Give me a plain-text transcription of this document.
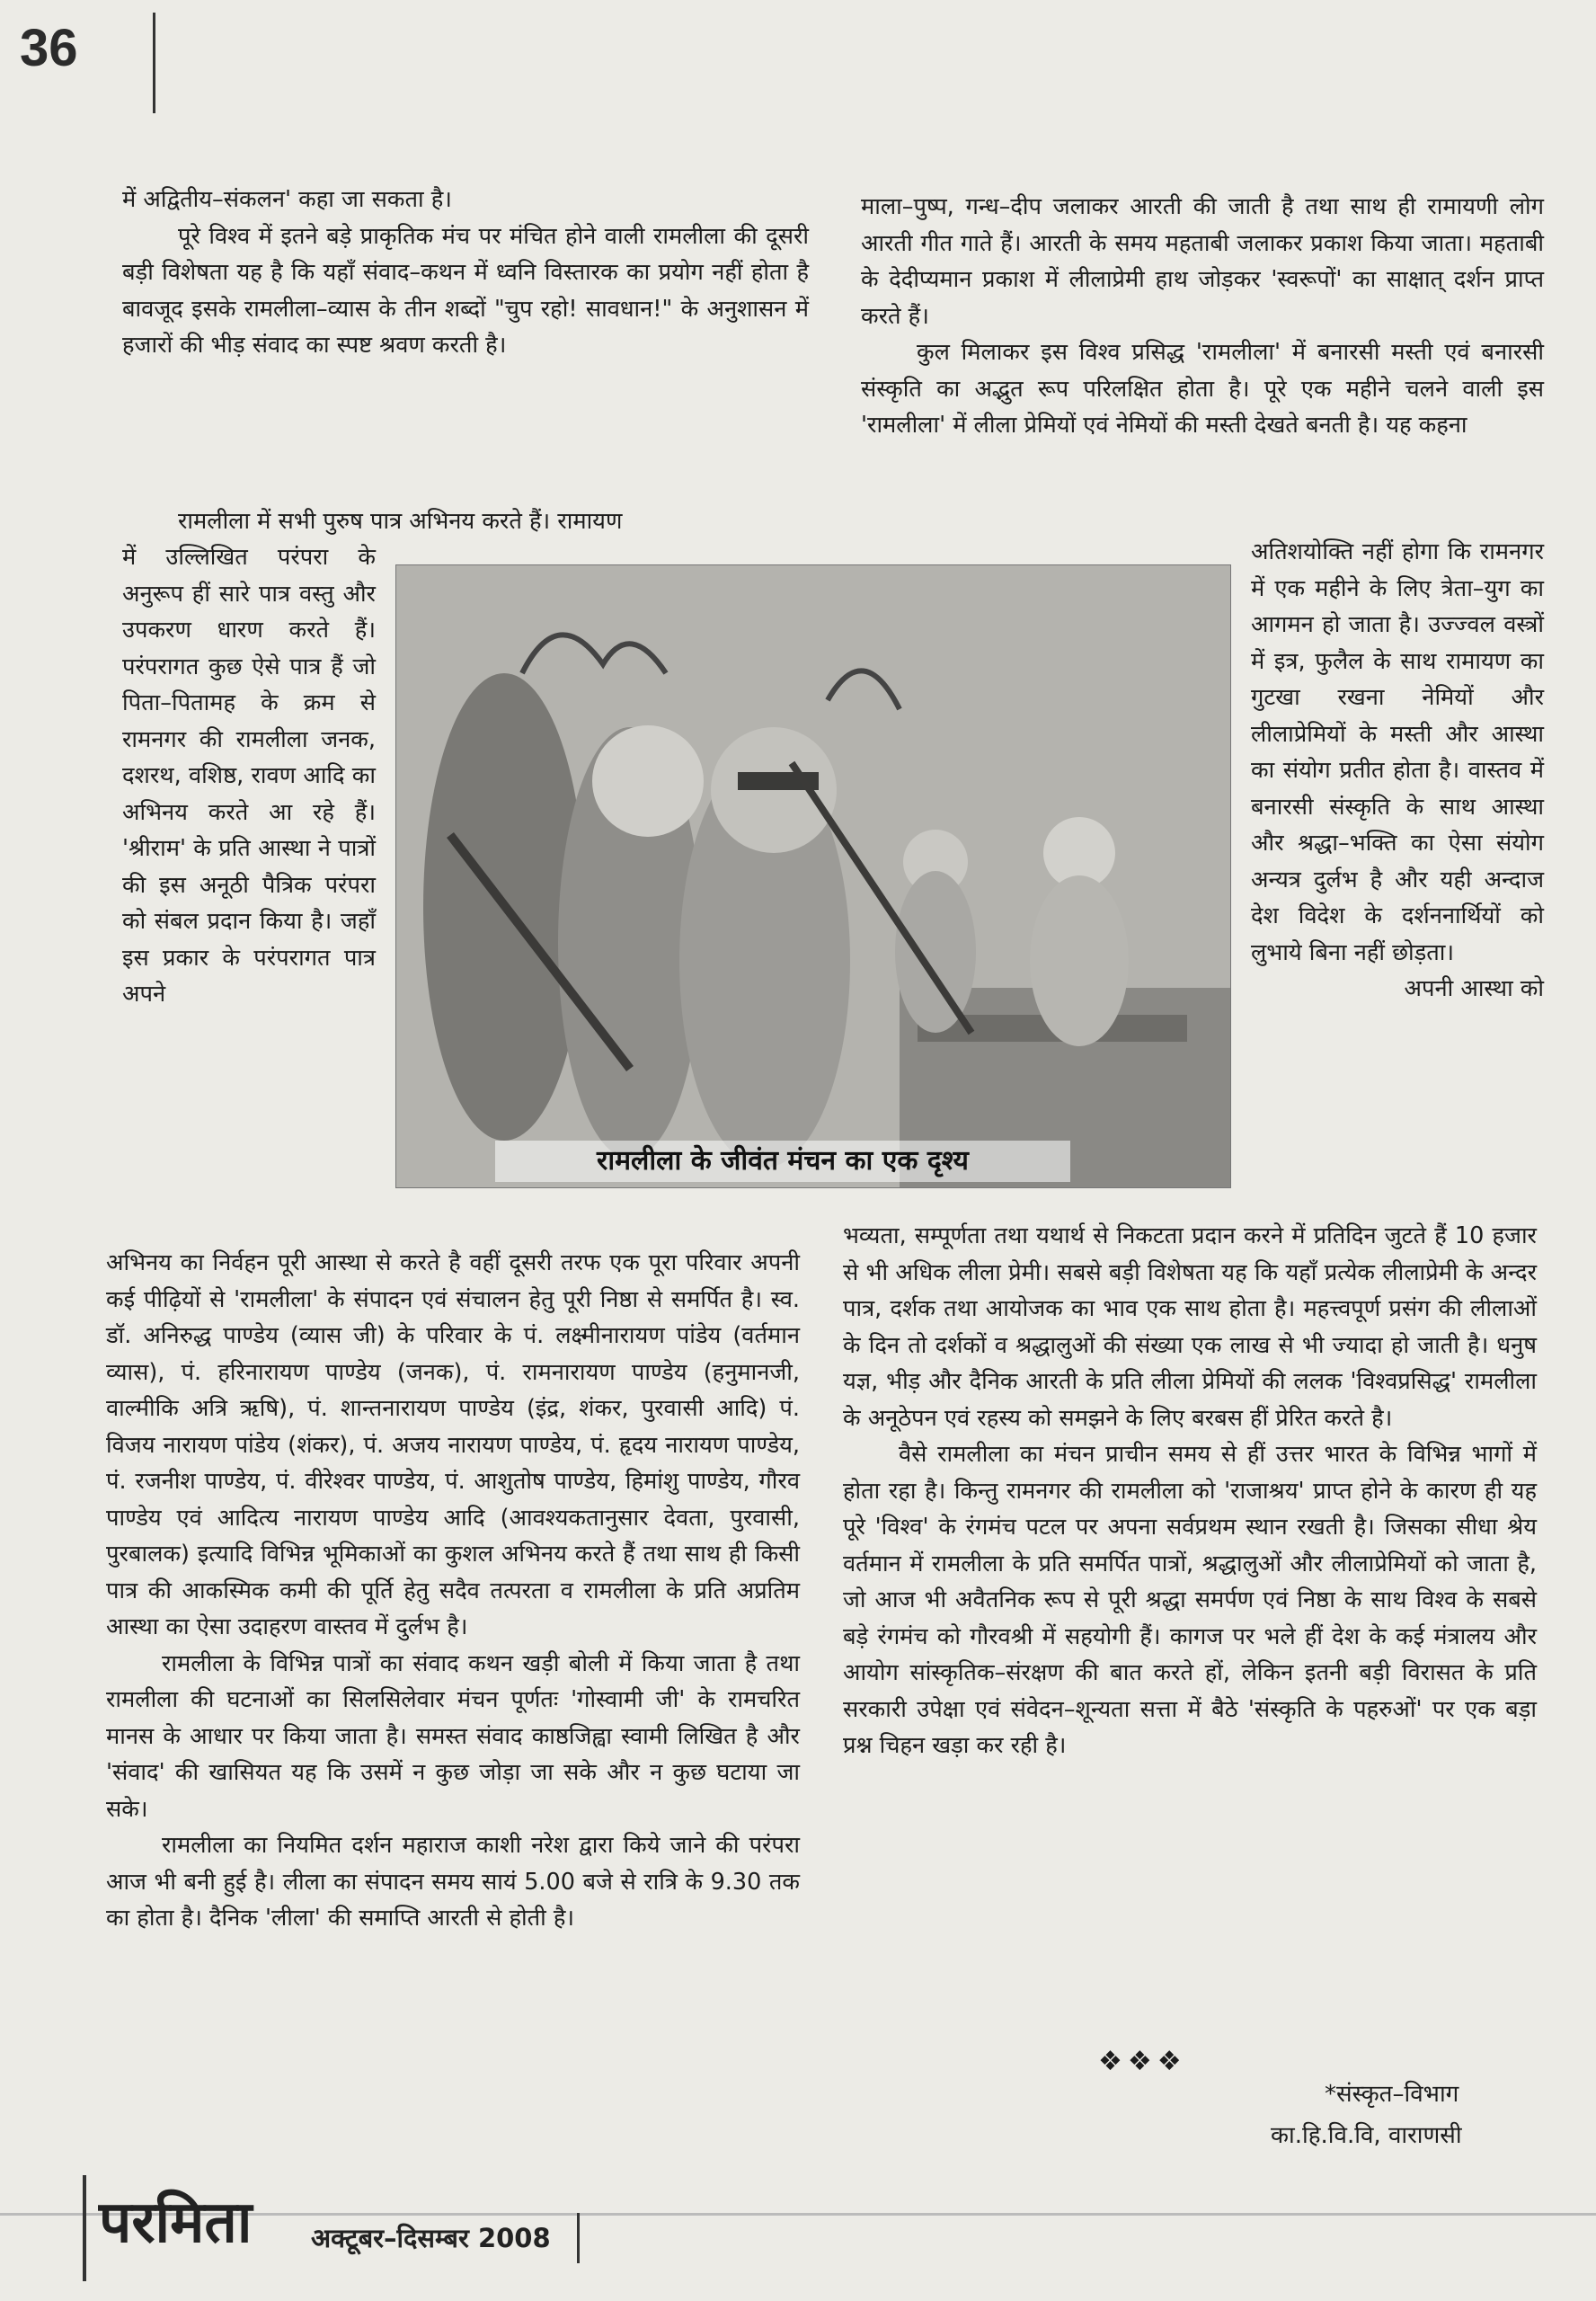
36

में अद्वितीय–संकलन' कहा जा सकता है।

पूरे विश्व में इतने बड़े प्राकृतिक मंच पर मंचित होने वाली रामलीला की दूसरी बड़ी विशेषता यह है कि यहाँ संवाद–कथन में ध्वनि विस्तारक का प्रयोग नहीं होता है बावजूद इसके रामलीला–व्यास के तीन शब्दों "चुप रहो! सावधान!" के अनुशासन में हजारों की भीड़ संवाद का स्पष्ट श्रवण करती है।

रामलीला में सभी पुरुष पात्र अभिनय करते हैं। रामायण

में उल्लिखित परंपरा के अनुरूप हीं सारे पात्र वस्तु और उपकरण धारण करते हैं। परंपरागत कुछ ऐसे पात्र हैं जो पिता–पितामह के क्रम से रामनगर की रामलीला जनक, दशरथ, वशिष्ठ, रावण आदि का अभिनय करते आ रहे हैं। 'श्रीराम' के प्रति आस्था ने पात्रों की इस अनूठी पैत्रिक परंपरा को संबल प्रदान किया है। जहाँ इस प्रकार के परंपरागत पात्र अपने

अभिनय का निर्वहन पूरी आस्था से करते है वहीं दूसरी तरफ एक पूरा परिवार अपनी कई पीढ़ियों से 'रामलीला' के संपादन एवं संचालन हेतु पूरी निष्ठा से समर्पित है। स्व. डॉ. अनिरुद्ध पाण्डेय (व्यास जी) के परिवार के पं. लक्ष्मीनारायण पांडेय (वर्तमान व्यास), पं. हरिनारायण पाण्डेय (जनक), पं. रामनारायण पाण्डेय (हनुमानजी, वाल्मीकि अत्रि ऋषि), पं. शान्तनारायण पाण्डेय (इंद्र, शंकर, पुरवासी आदि) पं. विजय नारायण पांडेय (शंकर), पं. अजय नारायण पाण्डेय, पं. हृदय नारायण पाण्डेय, पं. रजनीश पाण्डेय, पं. वीरेश्वर पाण्डेय, पं. आशुतोष पाण्डेय, हिमांशु पाण्डेय, गौरव पाण्डेय एवं आदित्य नारायण पाण्डेय आदि (आवश्यकतानुसार देवता, पुरवासी, पुरबालक) इत्यादि विभिन्न भूमिकाओं का कुशल अभिनय करते हैं तथा साथ ही किसी पात्र की आकस्मिक कमी की पूर्ति हेतु सदैव तत्परता व रामलीला के प्रति अप्रतिम आस्था का ऐसा उदाहरण वास्तव में दुर्लभ है।

रामलीला के विभिन्न पात्रों का संवाद कथन खड़ी बोली में किया जाता है तथा रामलीला की घटनाओं का सिलसिलेवार मंचन पूर्णतः 'गोस्वामी जी' के रामचरित मानस के आधार पर किया जाता है। समस्त संवाद काष्ठजिह्वा स्वामी लिखित है और 'संवाद' की खासियत यह कि उसमें न कुछ जोड़ा जा सके और न कुछ घटाया जा सके।

रामलीला का नियमित दर्शन महाराज काशी नरेश द्वारा किये जाने की परंपरा आज भी बनी हुई है। लीला का संपादन समय सायं 5.00 बजे से रात्रि के 9.30 तक का होता है। दैनिक 'लीला' की समाप्ति आरती से होती है।

रामलीला के जीवंत मंचन का एक दृश्य

माला–पुष्प, गन्ध–दीप जलाकर आरती की जाती है तथा साथ ही रामायणी लोग आरती गीत गाते हैं। आरती के समय महताबी जलाकर प्रकाश किया जाता। महताबी के देदीप्यमान प्रकाश में लीलाप्रेमी हाथ जोड़कर 'स्वरूपों' का साक्षात् दर्शन प्राप्त करते हैं।

कुल मिलाकर इस विश्व प्रसिद्ध 'रामलीला' में बनारसी मस्ती एवं बनारसी संस्कृति का अद्भुत रूप परिलक्षित होता है। पूरे एक महीने चलने वाली इस 'रामलीला' में लीला प्रेमियों एवं नेमियों की मस्ती देखते बनती है। यह कहना

अतिशयोक्ति नहीं होगा कि रामनगर में एक महीने के लिए त्रेता–युग का आगमन हो जाता है। उज्ज्वल वस्त्रों में इत्र, फुलैल के साथ रामायण का गुटखा रखना नेमियों और लीलाप्रेमियों के मस्ती और आस्था का संयोग प्रतीत होता है। वास्तव में बनारसी संस्कृति के साथ आस्था और श्रद्धा–भक्ति का ऐसा संयोग अन्यत्र दुर्लभ है और यही अन्दाज देश विदेश के दर्शननार्थियों को लुभाये बिना नहीं छोड़ता।

अपनी आस्था को

भव्यता, सम्पूर्णता तथा यथार्थ से निकटता प्रदान करने में प्रतिदिन जुटते हैं 10 हजार से भी अधिक लीला प्रेमी। सबसे बड़ी विशेषता यह कि यहाँ प्रत्येक लीलाप्रेमी के अन्दर पात्र, दर्शक तथा आयोजक का भाव एक साथ होता है। महत्त्वपूर्ण प्रसंग की लीलाओं के दिन तो दर्शकों व श्रद्धालुओं की संख्या एक लाख से भी ज्यादा हो जाती है। धनुष यज्ञ, भीड़ और दैनिक आरती के प्रति लीला प्रेमियों की ललक 'विश्वप्रसिद्ध' रामलीला के अनूठेपन एवं रहस्य को समझने के लिए बरबस हीं प्रेरित करते है।

वैसे रामलीला का मंचन प्राचीन समय से हीं उत्तर भारत के विभिन्न भागों में होता रहा है। किन्तु रामनगर की रामलीला को 'राजाश्रय' प्राप्त होने के कारण ही यह पूरे 'विश्व' के रंगमंच पटल पर अपना सर्वप्रथम स्थान रखती है। जिसका सीधा श्रेय वर्तमान में रामलीला के प्रति समर्पित पात्रों, श्रद्धालुओं और लीलाप्रेमियों को जाता है, जो आज भी अवैतनिक रूप से पूरी श्रद्धा समर्पण एवं निष्ठा के साथ विश्व के सबसे बड़े रंगमंच को गौरवश्री में सहयोगी हैं। कागज पर भले हीं देश के कई मंत्रालय और आयोग सांस्कृतिक–संरक्षण की बात करते हों, लेकिन इतनी बड़ी विरासत के प्रति सरकारी उपेक्षा एवं संवेदन–शून्यता सत्ता में बैठे 'संस्कृति के पहरुओं' पर एक बड़ा प्रश्न चिहन खड़ा कर रही है।

❖❖❖
*संस्कृत–विभाग
का.हि.वि.वि, वाराणसी
परमिता अक्टूबर–दिसम्बर 2008
